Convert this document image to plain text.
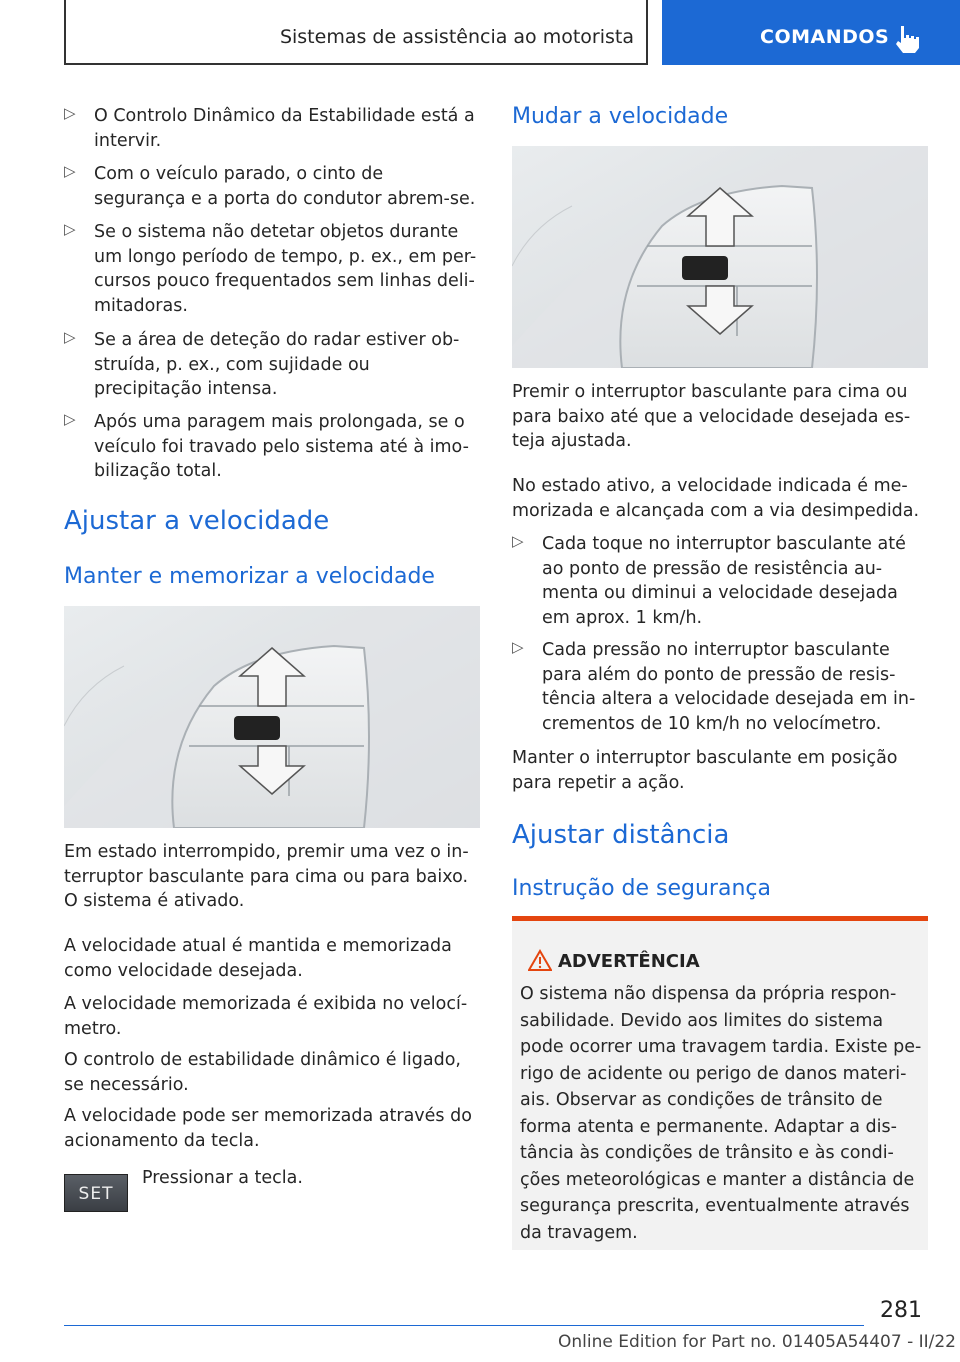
Sistemas de assistência ao motorista	COMANDOS
▷ O Controlo Dinâmico da Estabilidade está a intervir.
▷ Com o veículo parado, o cinto de segurança e a porta do condutor abrem-se.
▷ Se o sistema não detetar objetos durante um longo período de tempo, p. ex., em per-cursos pouco frequentados sem linhas deli-mitadoras.
▷ Se a área de deteção do radar estiver ob-struída, p. ex., com sujidade ou precipitação intensa.
▷ Após uma paragem mais prolongada, se o veículo foi travado pelo sistema até à imo-bilização total.
Ajustar a velocidade
Manter e memorizar a velocidade
Em estado interrompido, premir uma vez o in-terruptor basculante para cima ou para baixo. O sistema é ativado.
A velocidade atual é mantida e memorizada como velocidade desejada.
A velocidade memorizada é exibida no velocí-metro.
O controlo de estabilidade dinâmico é ligado, se necessário.
A velocidade pode ser memorizada através do acionamento da tecla.
SET
Pressionar a tecla.
Mudar a velocidade
Premir o interruptor basculante para cima ou para baixo até que a velocidade desejada es-teja ajustada.
No estado ativo, a velocidade indicada é me-morizada e alcançada com a via desimpedida.
▷ Cada toque no interruptor basculante até ao ponto de pressão de resistência au-menta ou diminui a velocidade desejada em aprox. 1 km/h.
▷ Cada pressão no interruptor basculante para além do ponto de pressão de resis-tência altera a velocidade desejada em in-crementos de 10 km/h no velocímetro.
Manter o interruptor basculante em posição para repetir a ação.
Ajustar distância
Instrução de segurança
ADVERTÊNCIA
O sistema não dispensa da própria respon-sabilidade. Devido aos limites do sistema pode ocorrer uma travagem tardia. Existe pe-rigo de acidente ou perigo de danos materi-ais. Observar as condições de trânsito de forma atenta e permanente. Adaptar a dis-tância às condições de trânsito e às condi-ções meteorológicas e manter a distância de segurança prescrita, eventualmente através da travagem.
281
Online Edition for Part no. 01405A54407 - II/22
